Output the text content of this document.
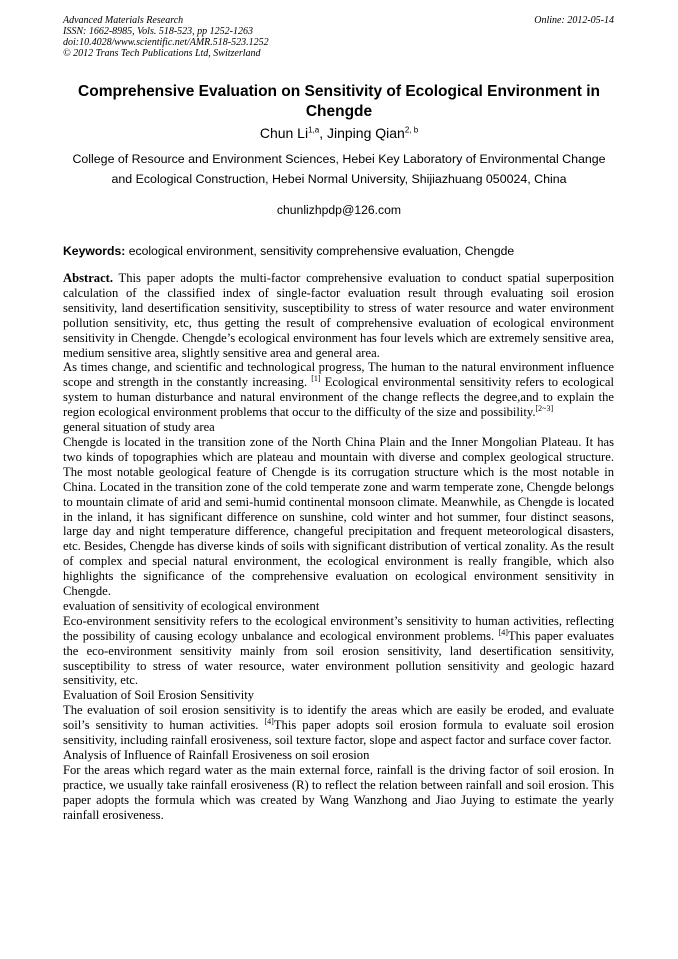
Advanced Materials Research
ISSN: 1662-8985, Vols. 518-523, pp 1252-1263
doi:10.4028/www.scientific.net/AMR.518-523.1252
© 2012 Trans Tech Publications Ltd, Switzerland
Online: 2012-05-14
Comprehensive Evaluation on Sensitivity of Ecological Environment in Chengde
Chun Li$^{1,a}$, Jinping Qian$^{2, b}$
College of Resource and Environment Sciences, Hebei Key Laboratory of Environmental Change
and Ecological Construction, Hebei Normal University, Shijiazhuang 050024, China
chunlizhpdp@126.com
Keywords: ecological environment, sensitivity comprehensive evaluation, Chengde

Abstract. This paper adopts the multi-factor comprehensive evaluation to conduct spatial superposition calculation of the classified index of single-factor evaluation result through evaluating soil erosion sensitivity, land desertification sensitivity, susceptibility to stress of water resource and water environment pollution sensitivity, etc, thus getting the result of comprehensive evaluation of ecological environment sensitivity in Chengde. Chengde’s ecological environment has four levels which are extremely sensitive area, medium sensitive area, slightly sensitive area and general area.

As times change, and scientific and technological progress, The human to the natural environment influence scope and strength in the constantly increasing. [1] Ecological environmental sensitivity refers to ecological system to human disturbance and natural environment of the change reflects the degree,and to explain the region ecological environment problems that occur to the difficulty of the size and possibility.[2~3]

general situation of study area

Chengde is located in the transition zone of the North China Plain and the Inner Mongolian Plateau. It has two kinds of topographies which are plateau and mountain with diverse and complex geological structure. The most notable geological feature of Chengde is its corrugation structure which is the most notable in China. Located in the transition zone of the cold temperate zone and warm temperate zone, Chengde belongs to mountain climate of arid and semi-humid continental monsoon climate. Meanwhile, as Chengde is located in the inland, it has significant difference on sunshine, cold winter and hot summer, four distinct seasons, large day and night temperature difference, changeful precipitation and frequent meteorological disasters, etc. Besides, Chengde has diverse kinds of soils with significant distribution of vertical zonality. As the result of complex and special natural environment, the ecological environment is really frangible, which also highlights the significance of the comprehensive evaluation on ecological environment sensitivity in Chengde.

evaluation of sensitivity of ecological environment

Eco-environment sensitivity refers to the ecological environment’s sensitivity to human activities, reflecting the possibility of causing ecology unbalance and ecological environment problems. [4]This paper evaluates the eco-environment sensitivity mainly from soil erosion sensitivity, land desertification sensitivity, susceptibility to stress of water resource, water environment pollution sensitivity and geologic hazard sensitivity, etc.

Evaluation of Soil Erosion Sensitivity

The evaluation of soil erosion sensitivity is to identify the areas which are easily be eroded, and evaluate soil’s sensitivity to human activities. [4]This paper adopts soil erosion formula to evaluate soil erosion sensitivity, including rainfall erosiveness, soil texture factor, slope and aspect factor and surface cover factor.

Analysis of Influence of Rainfall Erosiveness on soil erosion

For the areas which regard water as the main external force, rainfall is the driving factor of soil erosion. In practice, we usually take rainfall erosiveness (R) to reflect the relation between rainfall and soil erosion. This paper adopts the formula which was created by Wang Wanzhong and Jiao Juying to estimate the yearly rainfall erosiveness.
